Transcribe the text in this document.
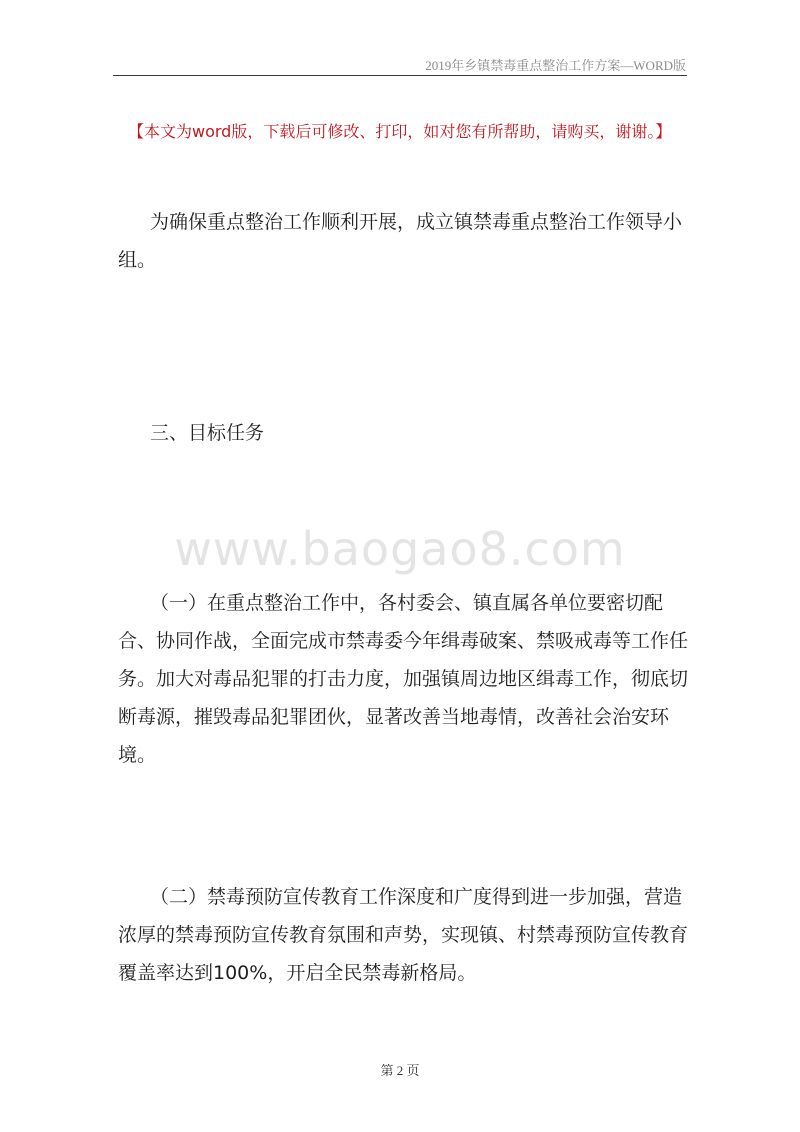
2019年乡镇禁毒重点整治工作方案—WORD版
【本文为word版，下载后可修改、打印，如对您有所帮助，请购买，谢谢。】

为确保重点整治工作顺利开展，成立镇禁毒重点整治工作领导小组。

三、目标任务
www.baogao8.com

（一）在重点整治工作中，各村委会、镇直属各单位要密切配合、协同作战，全面完成市禁毒委今年缉毒破案、禁吸戒毒等工作任务。加大对毒品犯罪的打击力度，加强镇周边地区缉毒工作，彻底切断毒源，摧毁毒品犯罪团伙，显著改善当地毒情，改善社会治安环境。

（二）禁毒预防宣传教育工作深度和广度得到进一步加强，营造浓厚的禁毒预防宣传教育氛围和声势，实现镇、村禁毒预防宣传教育覆盖率达到100%，开启全民禁毒新格局。

第 2 页
